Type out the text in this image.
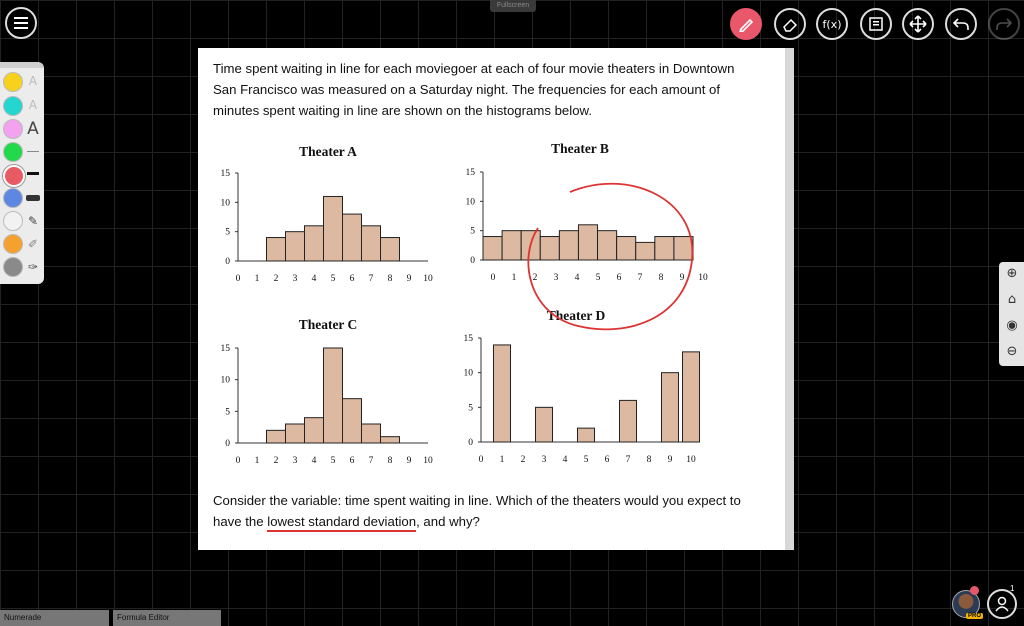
Fullscreen
f(x)
A
A
A
✎
✐
✑	⊕
⌂
◉
⊖

Time spent waiting in line for each moviegoer at each of four movie theaters in Downtown
San Francisco was measured on a Saturday night. The frequencies for each amount of
minutes spent waiting in line are shown on the histograms below.

Theater A
0
5
10
15
0 1 2 3 4 5 6 7 8 9 10
Theater B
0
5
10
15
0 1 2 3 4 5 6 7 8 9 10
Theater C
0
5
10
15
0 1 2 3 4 5 6 7 8 9 10
Theater D
0
5
10
15
0 1 2 3 4 5 6 7 8 9 10

Consider the variable: time spent waiting in line. Which of the theaters would you expect to
have the lowest standard deviation, and why?

Numerade	Formula Editor	PRO
1
